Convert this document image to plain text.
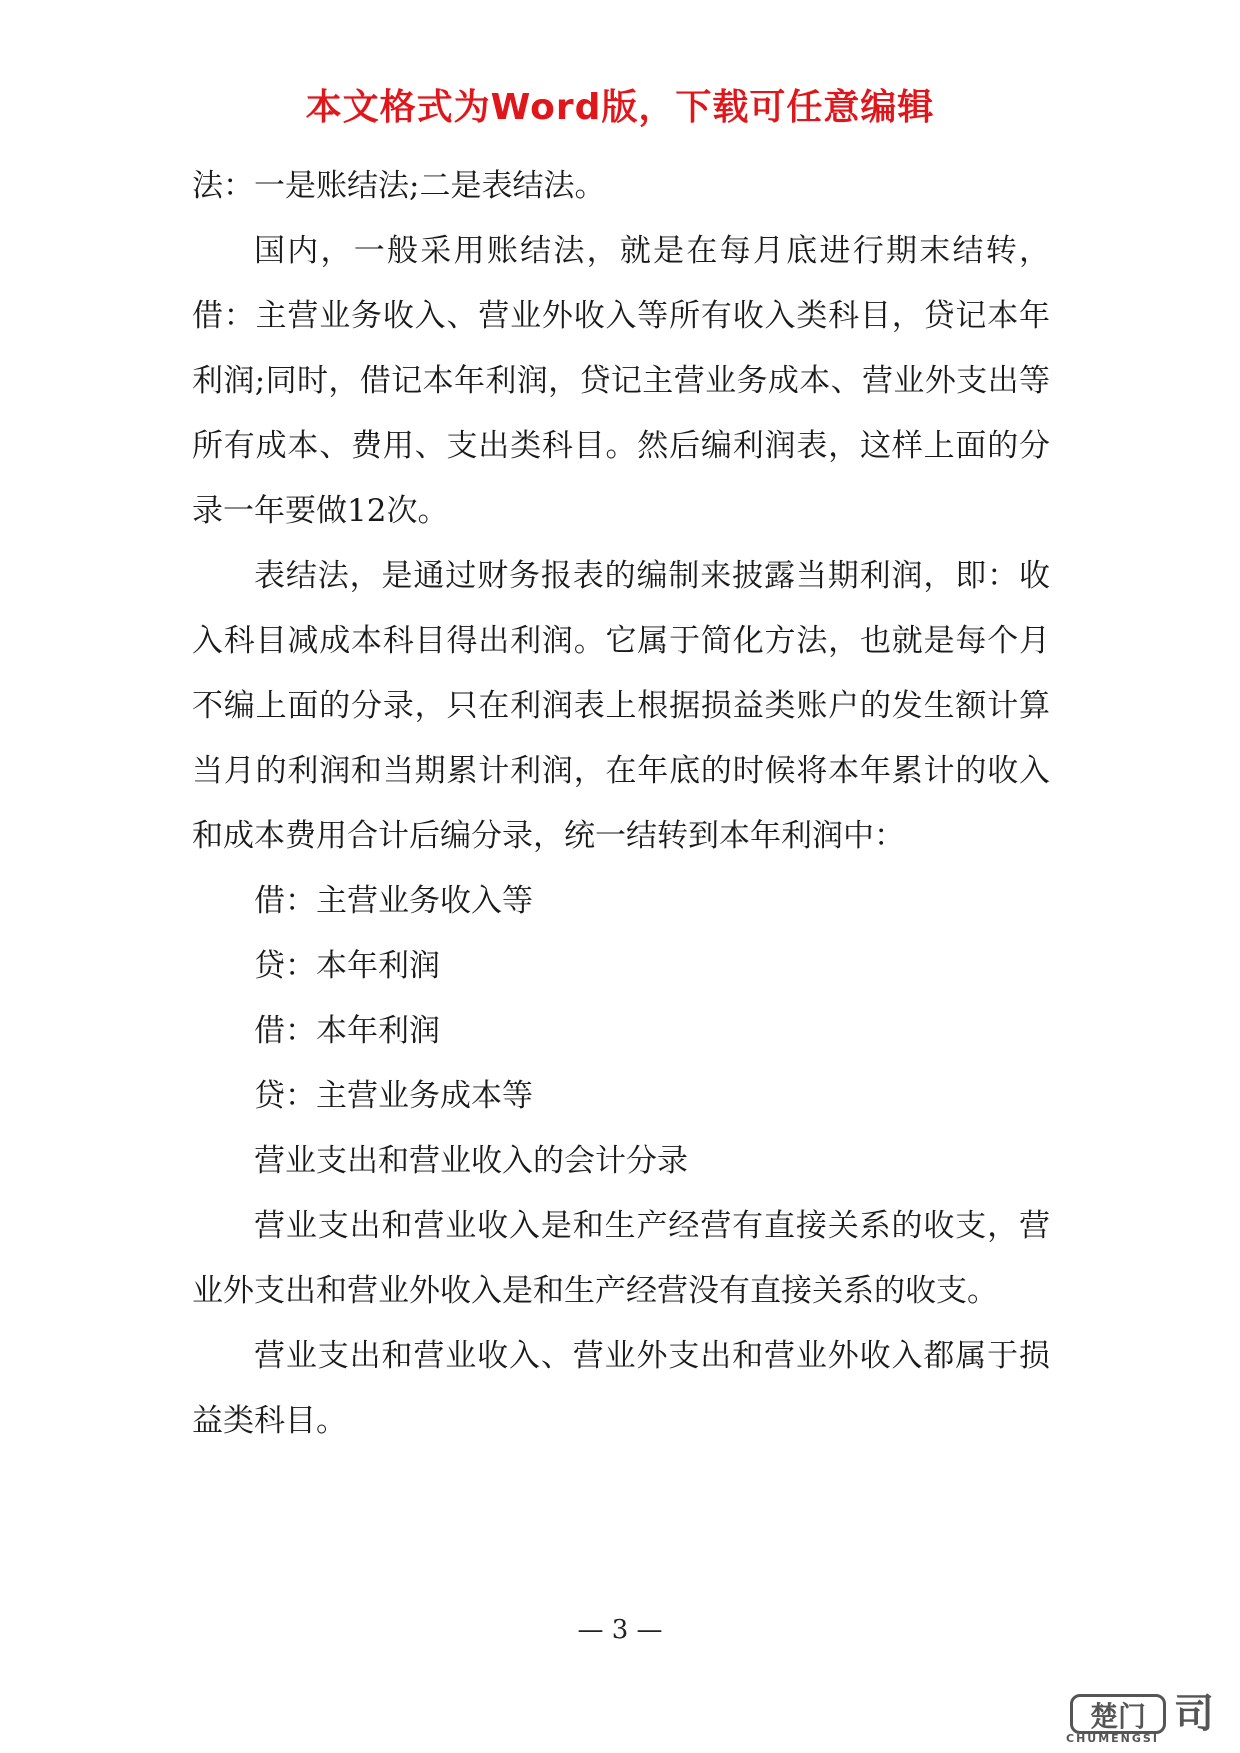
本文格式为Word版，下载可任意编辑

法：一是账结法;二是表结法。

国内，一般采用账结法，就是在每月底进行期末结转，借：主营业务收入、营业外收入等所有收入类科目，贷记本年利润;同时，借记本年利润，贷记主营业务成本、营业外支出等所有成本、费用、支出类科目。然后编利润表，这样上面的分录一年要做12次。

表结法，是通过财务报表的编制来披露当期利润，即：收入科目减成本科目得出利润。它属于简化方法，也就是每个月不编上面的分录，只在利润表上根据损益类账户的发生额计算当月的利润和当期累计利润，在年底的时候将本年累计的收入和成本费用合计后编分录，统一结转到本年利润中：

借：主营业务收入等

贷：本年利润

借：本年利润

贷：主营业务成本等

营业支出和营业收入的会计分录

营业支出和营业收入是和生产经营有直接关系的收支，营业外支出和营业外收入是和生产经营没有直接关系的收支。

营业支出和营业收入、营业外支出和营业外收入都属于损益类科目。

— 3 —
楚门 司
CHUMENGSI
